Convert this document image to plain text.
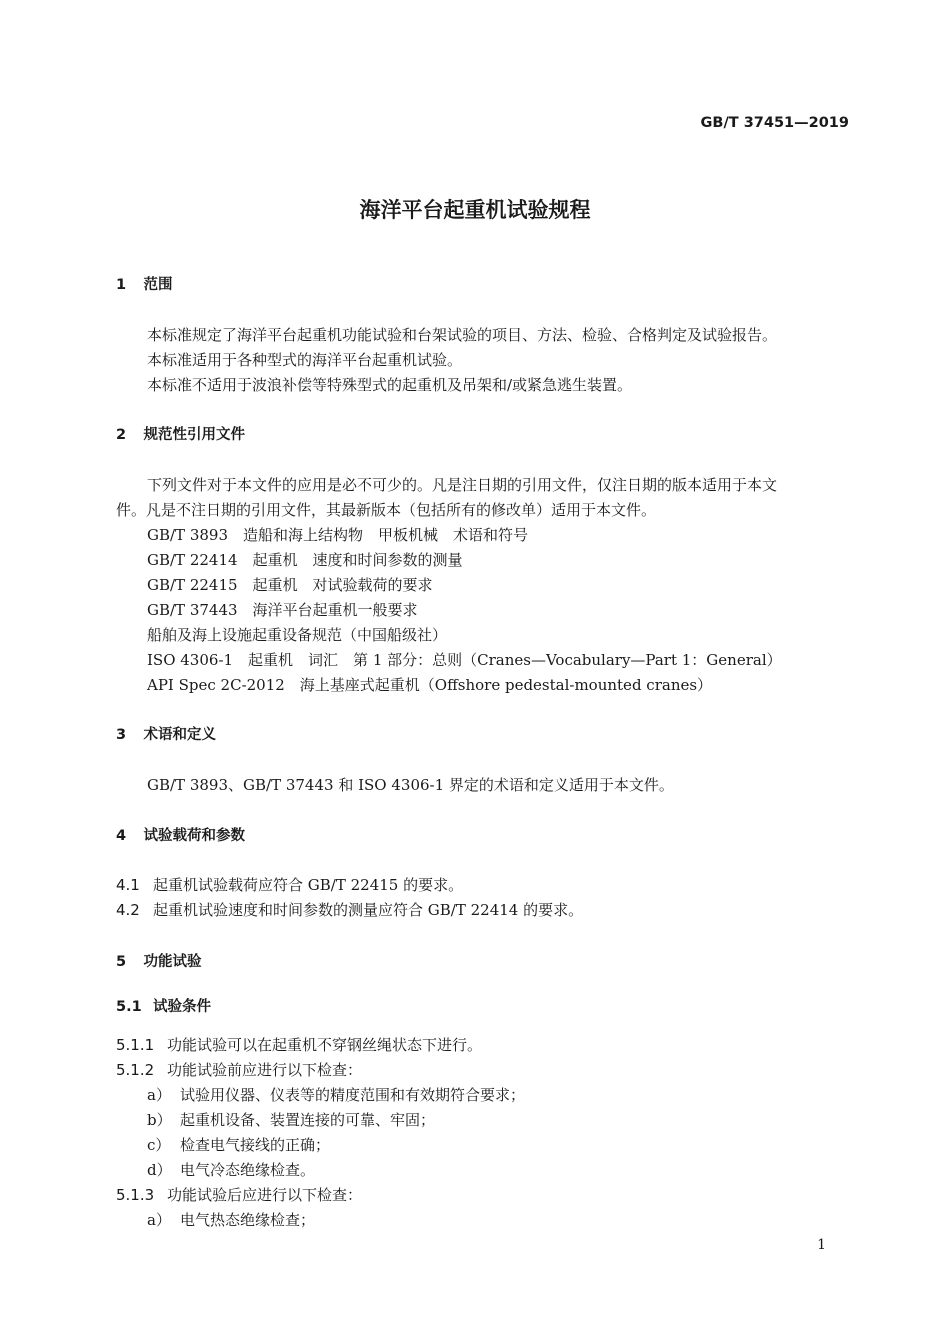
GB/T 37451—2019
海洋平台起重机试验规程
1 范围
本标准规定了海洋平台起重机功能试验和台架试验的项目、方法、检验、合格判定及试验报告。
本标准适用于各种型式的海洋平台起重机试验。
本标准不适用于波浪补偿等特殊型式的起重机及吊架和/或紧急逃生装置。
2 规范性引用文件
下列文件对于本文件的应用是必不可少的。凡是注日期的引用文件，仅注日期的版本适用于本文
件。凡是不注日期的引用文件，其最新版本（包括所有的修改单）适用于本文件。
GB/T 3893　造船和海上结构物　甲板机械　术语和符号
GB/T 22414　起重机　速度和时间参数的测量
GB/T 22415　起重机　对试验载荷的要求
GB/T 37443　海洋平台起重机一般要求
船舶及海上设施起重设备规范（中国船级社）
ISO 4306-1　起重机　词汇　第 1 部分：总则（Cranes—Vocabulary—Part 1：General）
API Spec 2C-2012　海上基座式起重机（Offshore pedestal-mounted cranes）
3 术语和定义
GB/T 3893、GB/T 37443 和 ISO 4306-1 界定的术语和定义适用于本文件。
4 试验载荷和参数
4.1 起重机试验载荷应符合 GB/T 22415 的要求。
4.2 起重机试验速度和时间参数的测量应符合 GB/T 22414 的要求。
5 功能试验
5.1 试验条件
5.1.1 功能试验可以在起重机不穿钢丝绳状态下进行。
5.1.2 功能试验前应进行以下检查：
a） 试验用仪器、仪表等的精度范围和有效期符合要求；
b） 起重机设备、装置连接的可靠、牢固；
c） 检查电气接线的正确；
d） 电气冷态绝缘检查。
5.1.3 功能试验后应进行以下检查：
a） 电气热态绝缘检查；
1
